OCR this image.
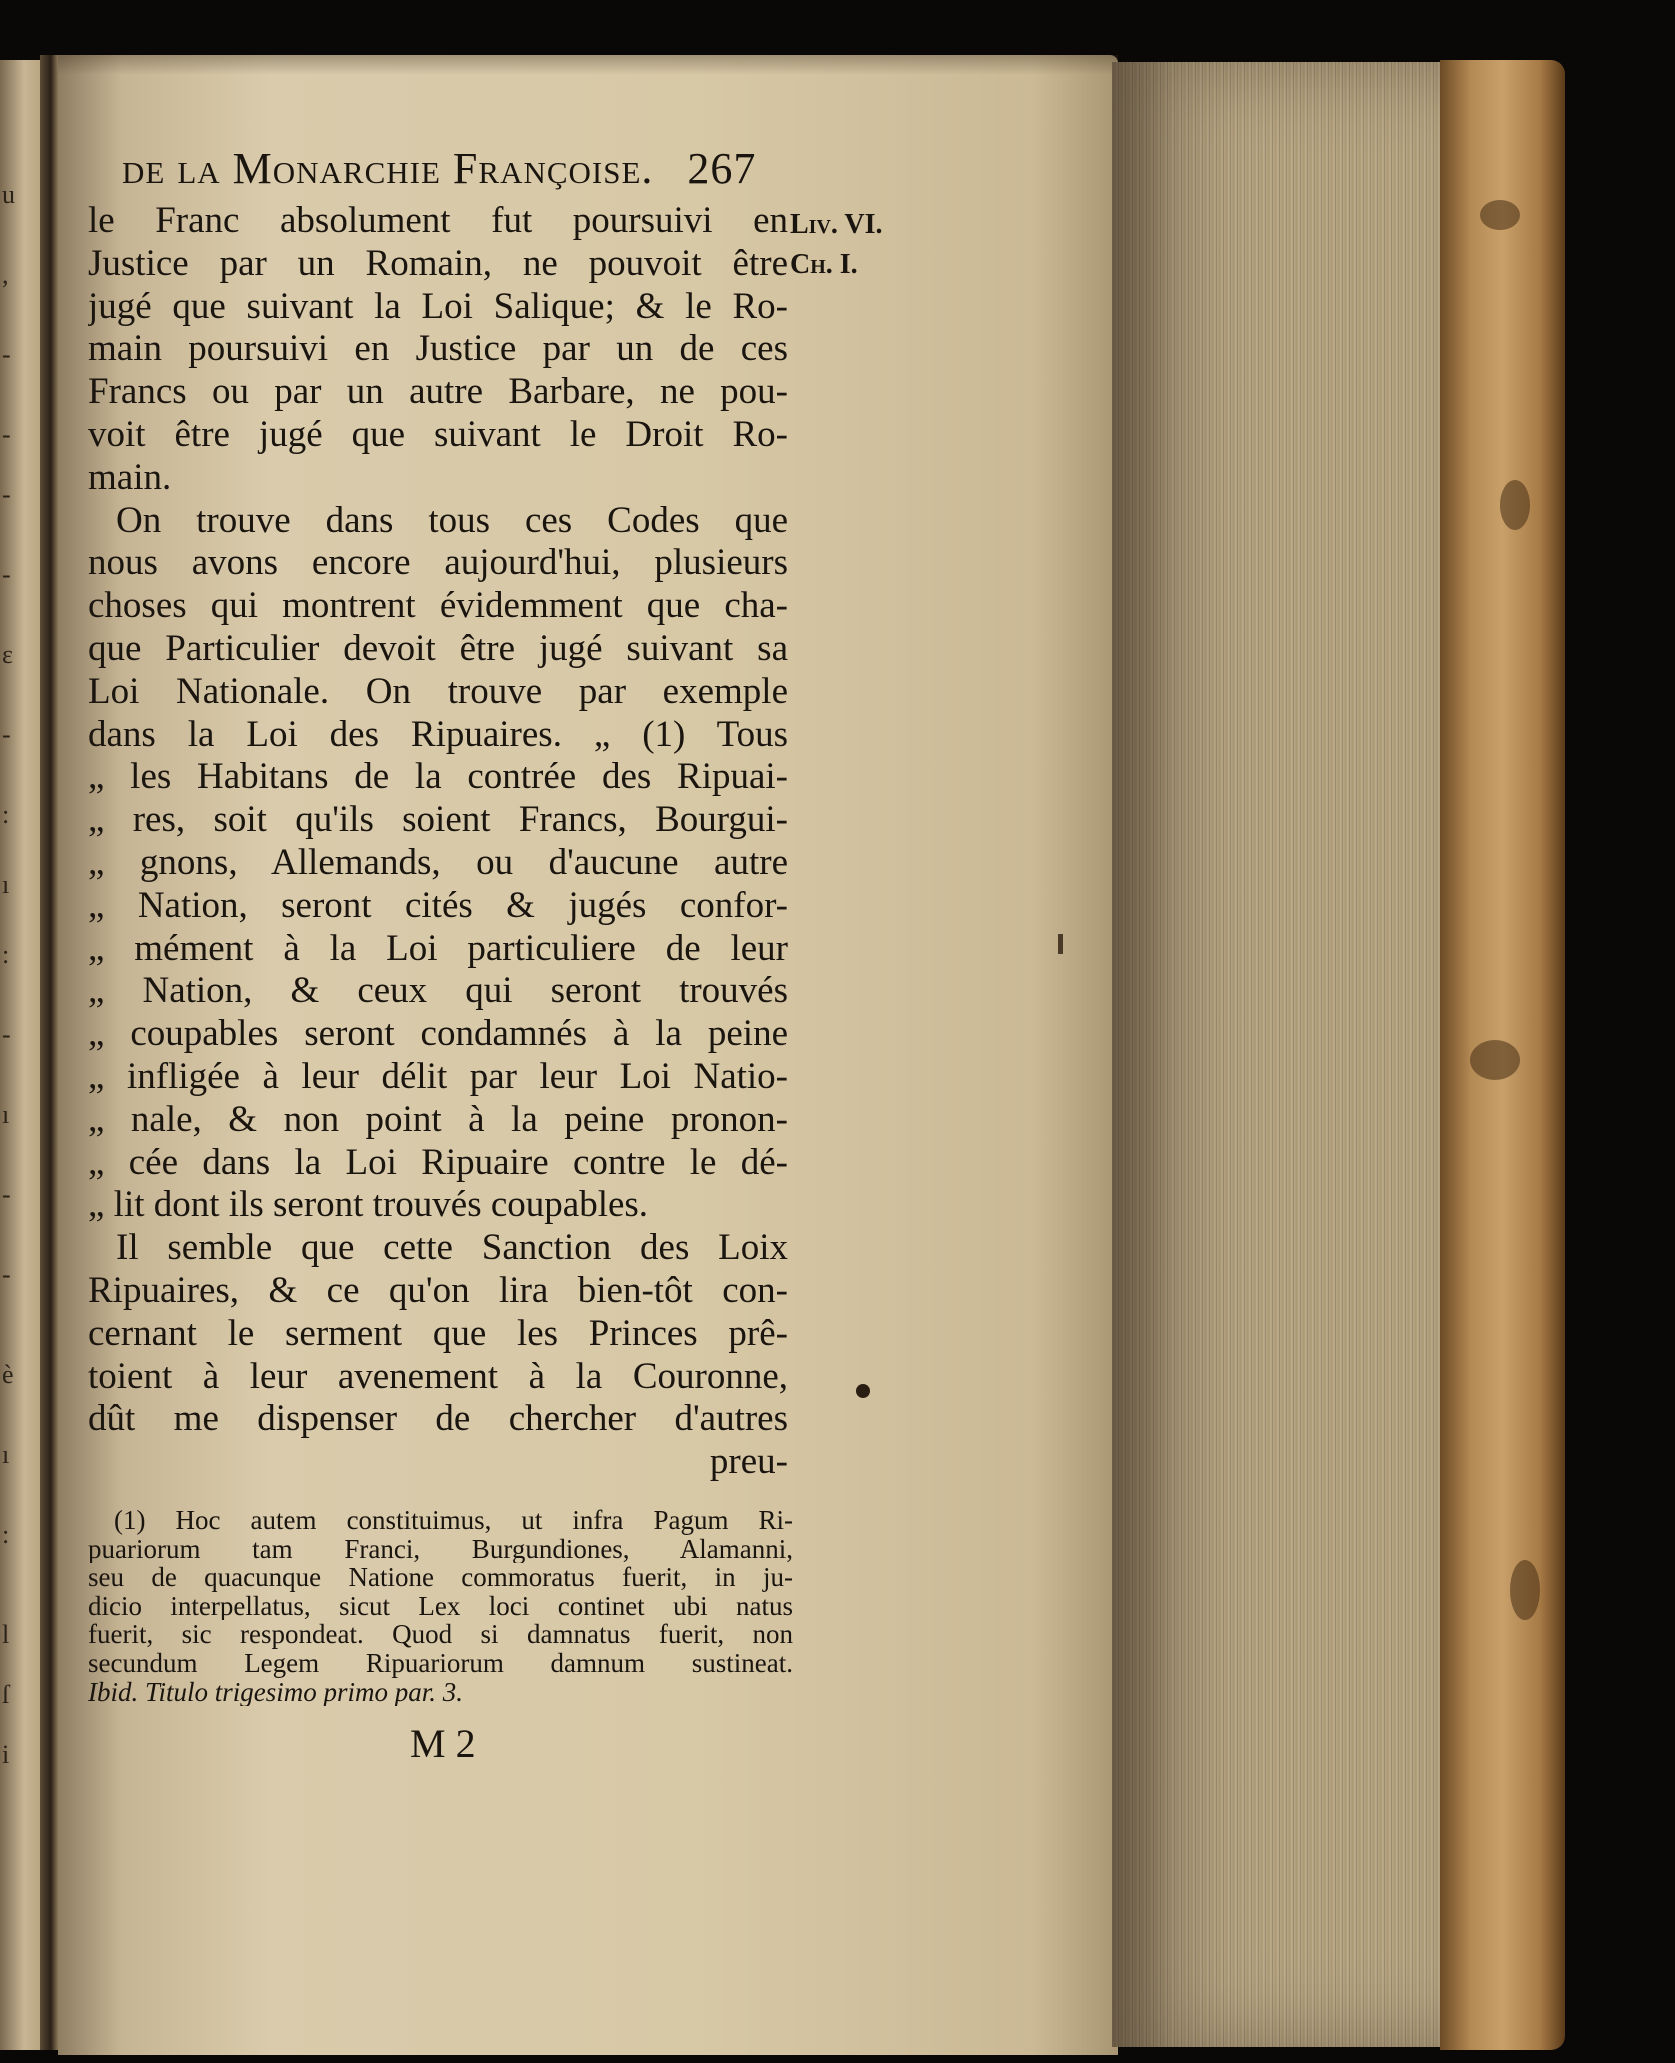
u
,
-
-
-
-
ɛ
-
:
ı
:
-
ı
-
-
è
ı
:
l
ſ
i
de la Monarchie Françoise. 267
Liv. VI.
Ch. I.
le Franc absolument fut poursuivi en
Justice par un Romain, ne pouvoit être
jugé que suivant la Loi Salique; & le Ro-
main poursuivi en Justice par un de ces
Francs ou par un autre Barbare, ne pou-
voit être jugé que suivant le Droit Ro-
main.
On trouve dans tous ces Codes que
nous avons encore aujourd'hui, plusieurs
choses qui montrent évidemment que cha-
que Particulier devoit être jugé suivant sa
Loi Nationale. On trouve par exemple
dans la Loi des Ripuaires. „ (1) Tous
„ les Habitans de la contrée des Ripuai-
„ res, soit qu'ils soient Francs, Bourgui-
„ gnons, Allemands, ou d'aucune autre
„ Nation, seront cités & jugés confor-
„ mément à la Loi particuliere de leur
„ Nation, & ceux qui seront trouvés
„ coupables seront condamnés à la peine
„ infligée à leur délit par leur Loi Natio-
„ nale, & non point à la peine pronon-
„ cée dans la Loi Ripuaire contre le dé-
„ lit dont ils seront trouvés coupables.
Il semble que cette Sanction des Loix
Ripuaires, & ce qu'on lira bien-tôt con-
cernant le serment que les Princes prê-
toient à leur avenement à la Couronne,
dût me dispenser de chercher d'autres
preu-
(1) Hoc autem constituimus, ut infra Pagum Ri-
puariorum tam Franci, Burgundiones, Alamanni,
seu de quacunque Natione commoratus fuerit, in ju-
dicio interpellatus, sicut Lex loci continet ubi natus
fuerit, sic respondeat. Quod si damnatus fuerit, non
secundum Legem Ripuariorum damnum sustineat.
Ibid. Titulo trigesimo primo par. 3.
M 2
